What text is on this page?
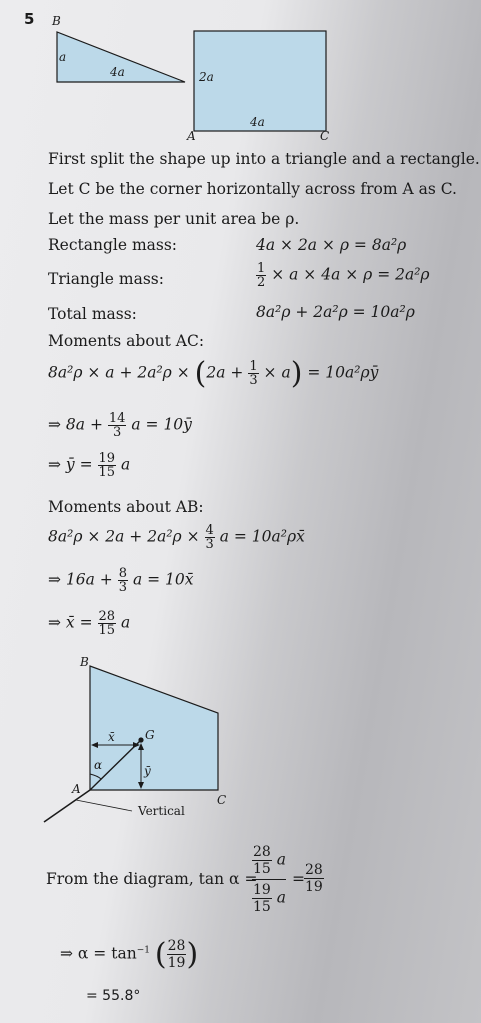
5 B
a
4a	2a
4a
A	C
First split the shape up into a triangle and a rectangle.
Let C be the corner horizontally across from A as C.
Let the mass per unit area be ρ.
Rectangle mass:	4a × 2a × ρ = 8a²ρ
Triangle mass:	$\frac{1}{2} \times a \times 4a \times \rho = 2a^2\rho$
Total mass:	8a²ρ + 2a²ρ = 10a²ρ
Moments about AC:
$8a^2\rho \times a + 2a^2\rho \times (2a + \frac{1}{3} \times a)$ = 10a²ρȳ
⇒ $8a + \frac{14}{3}$ a = 10ȳ
⇒ ȳ = $\frac{19}{15}$ a
Moments about AB:
$8a^2\rho \times 2a + 2a^2\rho \times \frac{4}{3}$ a = 10a²ρx̄
⇒ $16a + \frac{8}{3}$ a = 10x̄
⇒ x̄ = $\frac{28}{15}$ a
B
x̄	G
α	ȳ
A
C
Vertical
From the diagram, tan α =
$\frac{\frac{28}{15} a}{\frac{19}{15} a} = \frac{28}{19}$
⇒ $\alpha = \tan^{-1}$ ( $\frac{28}{19}$ )
= 55.8°
